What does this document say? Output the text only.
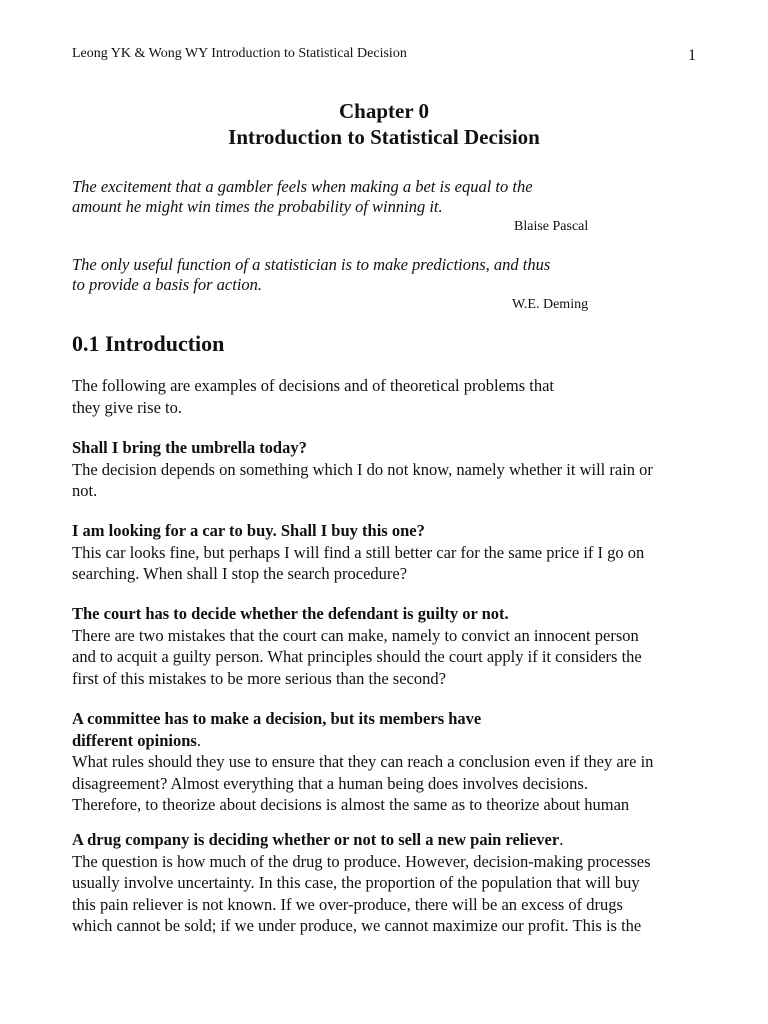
Leong YK & Wong WY Introduction to Statistical Decision	1
Chapter 0
Introduction to Statistical Decision
The excitement that a gambler feels when making a bet is equal to the
amount he might win times the probability of winning it.
Blaise Pascal
The only useful function of a statistician is to make predictions, and thus
to provide a basis for action.
W.E. Deming
0.1 Introduction
The following are examples of decisions and of theoretical problems that
they give rise to.
Shall I bring the umbrella today?
The decision depends on something which I do not know, namely whether it will rain or
not.
I am looking for a car to buy. Shall I buy this one?
This car looks fine, but perhaps I will find a still better car for the same price if I go on
searching. When shall I stop the search procedure?
The court has to decide whether the defendant is guilty or not.
There are two mistakes that the court can make, namely to convict an innocent person
and to acquit a guilty person. What principles should the court apply if it considers the
first of this mistakes to be more serious than the second?
A committee has to make a decision, but its members have
different opinions.
What rules should they use to ensure that they can reach a conclusion even if they are in
disagreement? Almost everything that a human being does involves decisions.
Therefore, to theorize about decisions is almost the same as to theorize about human
A drug company is deciding whether or not to sell a new pain reliever.
The question is how much of the drug to produce. However, decision-making processes
usually involve uncertainty. In this case, the proportion of the population that will buy
this pain reliever is not known. If we over-produce, there will be an excess of drugs
which cannot be sold; if we under produce, we cannot maximize our profit. This is the
